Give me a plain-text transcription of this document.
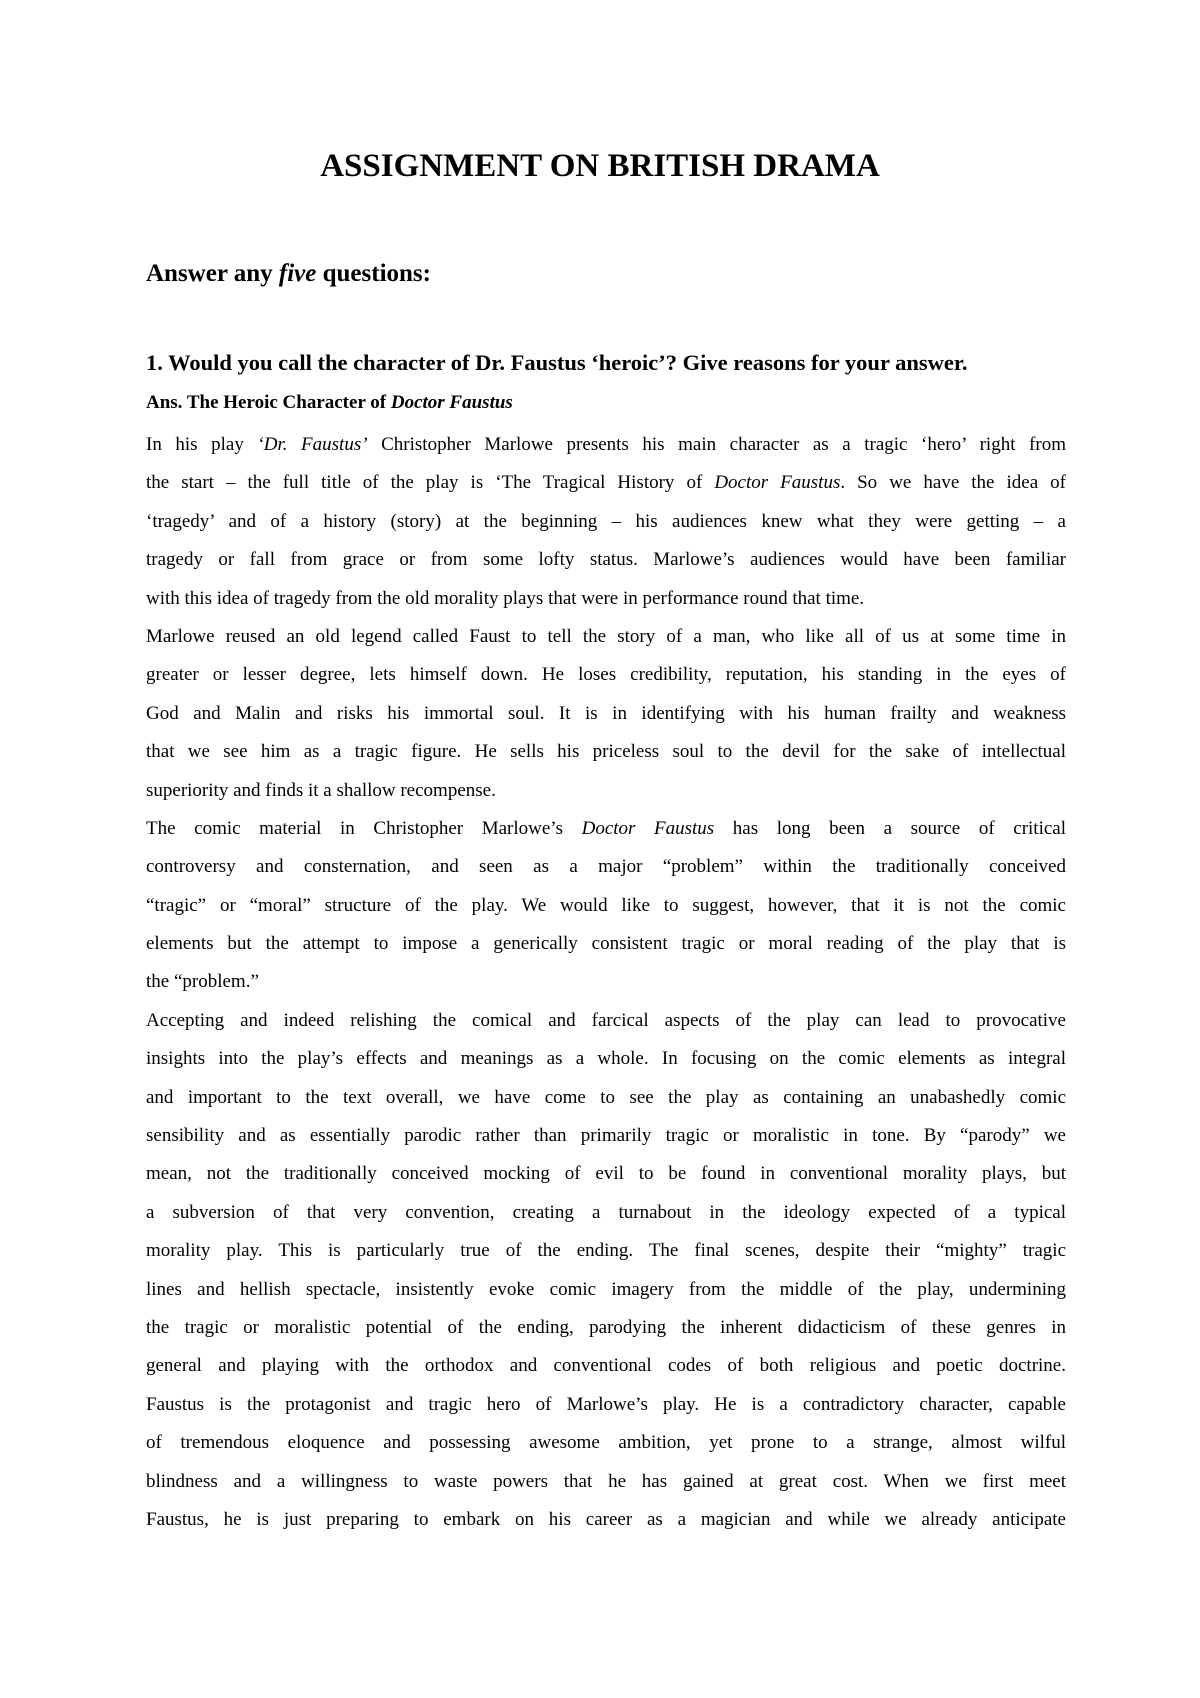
ASSIGNMENT ON BRITISH DRAMA

Answer any five questions:

1. Would you call the character of Dr. Faustus ‘heroic’? Give reasons for your answer.

Ans. The Heroic Character of Doctor Faustus

In his play ‘Dr. Faustus’ Christopher Marlowe presents his main character as a tragic ‘hero’ right from
the start – the full title of the play is ‘The Tragical History of Doctor Faustus. So we have the idea of
‘tragedy’ and of a history (story) at the beginning – his audiences knew what they were getting – a
tragedy or fall from grace or from some lofty status. Marlowe’s audiences would have been familiar
with this idea of tragedy from the old morality plays that were in performance round that time.
Marlowe reused an old legend called Faust to tell the story of a man, who like all of us at some time in
greater or lesser degree, lets himself down. He loses credibility, reputation, his standing in the eyes of
God and Malin and risks his immortal soul. It is in identifying with his human frailty and weakness
that we see him as a tragic figure. He sells his priceless soul to the devil for the sake of intellectual
superiority and finds it a shallow recompense.
The comic material in Christopher Marlowe’s Doctor Faustus has long been a source of critical
controversy and consternation, and seen as a major “problem” within the traditionally conceived
“tragic” or “moral” structure of the play. We would like to suggest, however, that it is not the comic
elements but the attempt to impose a generically consistent tragic or moral reading of the play that is
the “problem.”
Accepting and indeed relishing the comical and farcical aspects of the play can lead to provocative
insights into the play’s effects and meanings as a whole. In focusing on the comic elements as integral
and important to the text overall, we have come to see the play as containing an unabashedly comic
sensibility and as essentially parodic rather than primarily tragic or moralistic in tone. By “parody” we
mean, not the traditionally conceived mocking of evil to be found in conventional morality plays, but
a subversion of that very convention, creating a turnabout in the ideology expected of a typical
morality play. This is particularly true of the ending. The final scenes, despite their “mighty” tragic
lines and hellish spectacle, insistently evoke comic imagery from the middle of the play, undermining
the tragic or moralistic potential of the ending, parodying the inherent didacticism of these genres in
general and playing with the orthodox and conventional codes of both religious and poetic doctrine.
Faustus is the protagonist and tragic hero of Marlowe’s play. He is a contradictory character, capable
of tremendous eloquence and possessing awesome ambition, yet prone to a strange, almost wilful
blindness and a willingness to waste powers that he has gained at great cost. When we first meet
Faustus, he is just preparing to embark on his career as a magician and while we already anticipate
